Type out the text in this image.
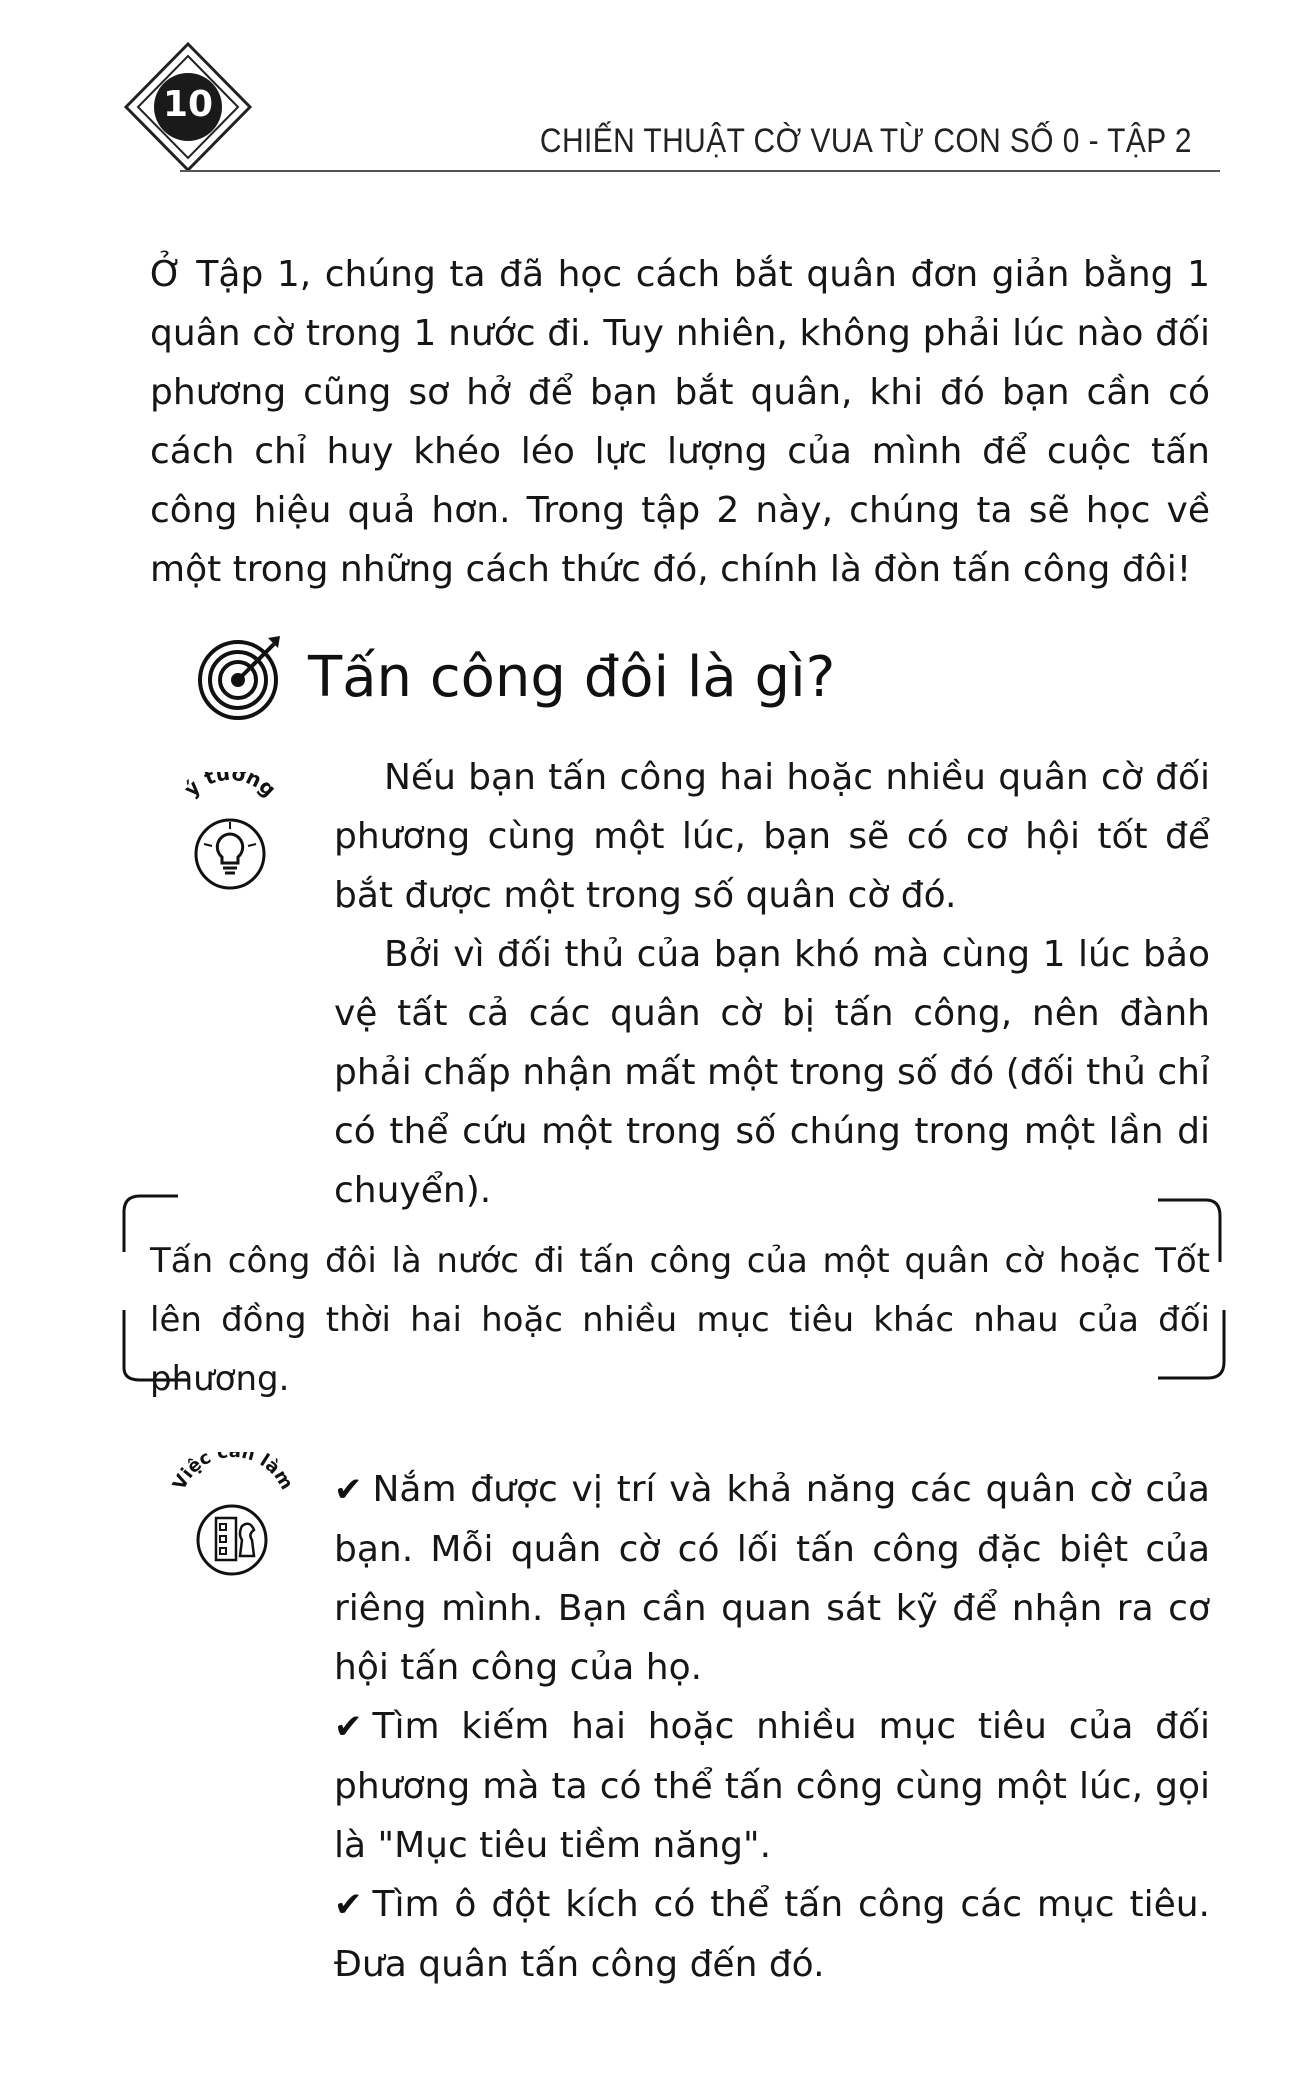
10
CHIẾN THUẬT CỜ VUA TỪ CON SỐ 0 - TẬP 2
Ở Tập 1, chúng ta đã học cách bắt quân đơn giản bằng 1 quân cờ trong 1 nước đi. Tuy nhiên, không phải lúc nào đối phương cũng sơ hở để bạn bắt quân, khi đó bạn cần có cách chỉ huy khéo léo lực lượng của mình để cuộc tấn công hiệu quả hơn. Trong tập 2 này, chúng ta sẽ học về một trong những cách thức đó, chính là đòn tấn công đôi!
Tấn công đôi là gì?
ý tưởng	Nếu bạn tấn công hai hoặc nhiều quân cờ đối phương cùng một lúc, bạn sẽ có cơ hội tốt để bắt được một trong số quân cờ đó.

Bởi vì đối thủ của bạn khó mà cùng 1 lúc bảo vệ tất cả các quân cờ bị tấn công, nên đành phải chấp nhận mất một trong số đó (đối thủ chỉ có thể cứu một trong số chúng trong một lần di chuyển).

Tấn công đôi là nước đi tấn công của một quân cờ hoặc Tốt lên đồng thời hai hoặc nhiều mục tiêu khác nhau của đối phương.
Việc c n làm ✔ Nắm được vị trí và khả năng các quân cờ của bạn. Mỗi quân cờ có lối tấn công đặc biệt của riêng mình. Bạn cần quan sát kỹ để nhận ra cơ hội tấn công của họ.

✔ Tìm kiếm hai hoặc nhiều mục tiêu của đối phương mà ta có thể tấn công cùng một lúc, gọi là "Mục tiêu tiềm năng".

✔ Tìm ô đột kích có thể tấn công các mục tiêu. Đưa quân tấn công đến đó.
